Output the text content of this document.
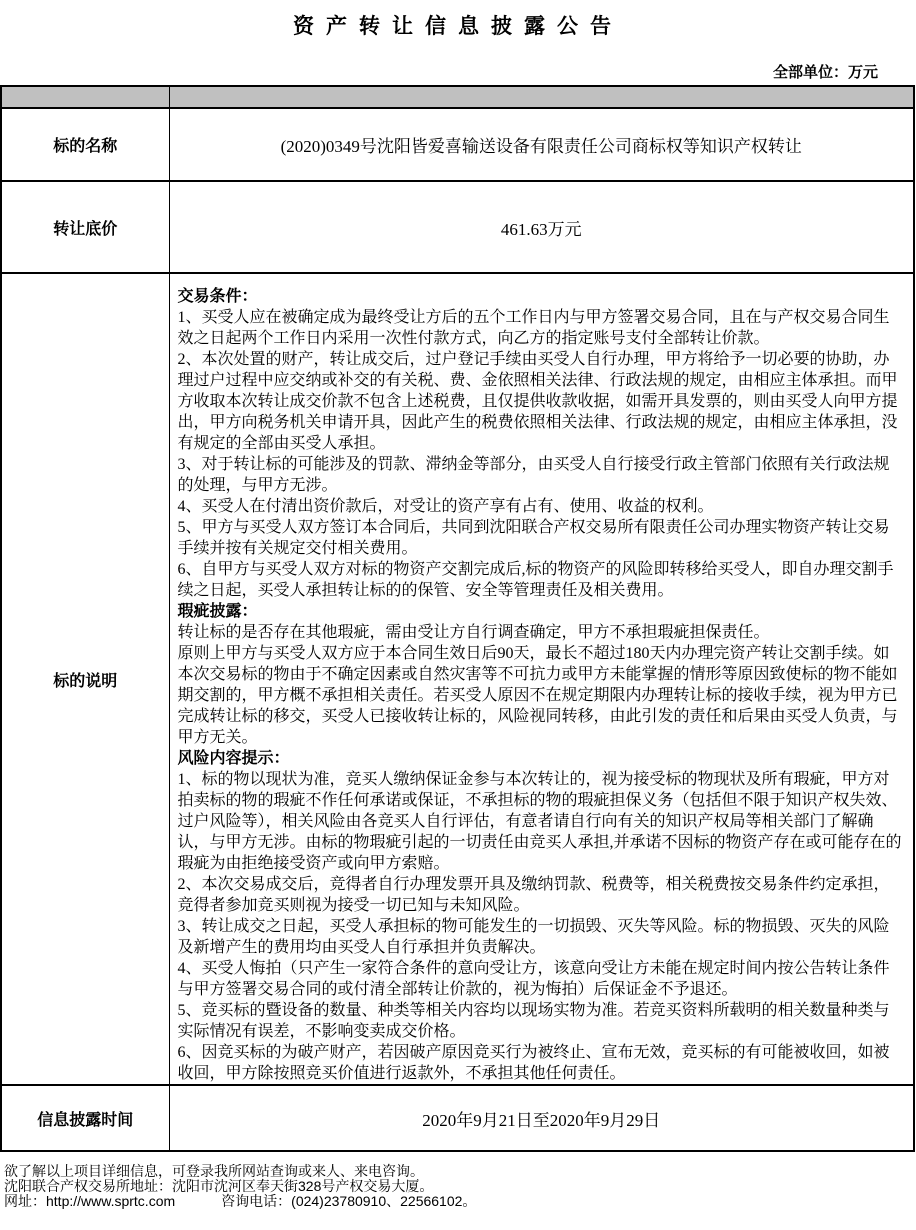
资产转让信息披露公告
全部单位：万元

标的名称	(2020)0349号沈阳皆爱喜输送设备有限责任公司商标权等知识产权转让
转让底价	461.63万元
标的说明	
交易条件：
1、买受人应在被确定成为最终受让方后的五个工作日内与甲方签署交易合同，且在与产权交易合同生效之日起两个工作日内采用一次性付款方式，向乙方的指定账号支付全部转让价款。
2、本次处置的财产，转让成交后，过户登记手续由买受人自行办理，甲方将给予一切必要的协助，办理过户过程中应交纳或补交的有关税、费、金依照相关法律、行政法规的规定，由相应主体承担。而甲方收取本次转让成交价款不包含上述税费，且仅提供收款收据，如需开具发票的，则由买受人向甲方提出，甲方向税务机关申请开具，因此产生的税费依照相关法律、行政法规的规定，由相应主体承担，没有规定的全部由买受人承担。
3、对于转让标的可能涉及的罚款、滞纳金等部分，由买受人自行接受行政主管部门依照有关行政法规的处理，与甲方无涉。
4、买受人在付清出资价款后，对受让的资产享有占有、使用、收益的权利。
5、甲方与买受人双方签订本合同后，共同到沈阳联合产权交易所有限责任公司办理实物资产转让交易手续并按有关规定交付相关费用。
6、自甲方与买受人双方对标的物资产交割完成后,标的物资产的风险即转移给买受人，即自办理交割手续之日起，买受人承担转让标的的保管、安全等管理责任及相关费用。
瑕疵披露：
转让标的是否存在其他瑕疵，需由受让方自行调查确定，甲方不承担瑕疵担保责任。
原则上甲方与买受人双方应于本合同生效日后90天，最长不超过180天内办理完资产转让交割手续。如本次交易标的物由于不确定因素或自然灾害等不可抗力或甲方未能掌握的情形等原因致使标的物不能如期交割的，甲方概不承担相关责任。若买受人原因不在规定期限内办理转让标的接收手续，视为甲方已完成转让标的移交，买受人已接收转让标的，风险视同转移，由此引发的责任和后果由买受人负责，与甲方无关。
风险内容提示：
1、标的物以现状为准，竞买人缴纳保证金参与本次转让的，视为接受标的物现状及所有瑕疵，甲方对拍卖标的物的瑕疵不作任何承诺或保证，不承担标的物的瑕疵担保义务（包括但不限于知识产权失效、过户风险等），相关风险由各竞买人自行评估，有意者请自行向有关的知识产权局等相关部门了解确认，与甲方无涉。由标的物瑕疵引起的一切责任由竞买人承担,并承诺不因标的物资产存在或可能存在的瑕疵为由拒绝接受资产或向甲方索赔。
2、本次交易成交后，竞得者自行办理发票开具及缴纳罚款、税费等，相关税费按交易条件约定承担，竞得者参加竞买则视为接受一切已知与未知风险。
3、转让成交之日起，买受人承担标的物可能发生的一切损毁、灭失等风险。标的物损毁、灭失的风险及新增产生的费用均由买受人自行承担并负责解决。
4、买受人悔拍（只产生一家符合条件的意向受让方，该意向受让方未能在规定时间内按公告转让条件与甲方签署交易合同的或付清全部转让价款的，视为悔拍）后保证金不予退还。
5、竞买标的暨设备的数量、种类等相关内容均以现场实物为准。若竞买资料所载明的相关数量种类与实际情况有误差，不影响变卖成交价格。
6、因竞买标的为破产财产，若因破产原因竞买行为被终止、宣布无效，竞买标的有可能被收回，如被收回，甲方除按照竞买价值进行返款外，不承担其他任何责任。

信息披露时间	2020年9月21日至2020年9月29日
欲了解以上项目详细信息，可登录我所网站查询或来人、来电咨询。
沈阳联合产权交易所地址：沈阳市沈河区奉天街328号产权交易大厦。
网址：http://www.sprtc.com	咨询电话：(024)23780910、22566102。
